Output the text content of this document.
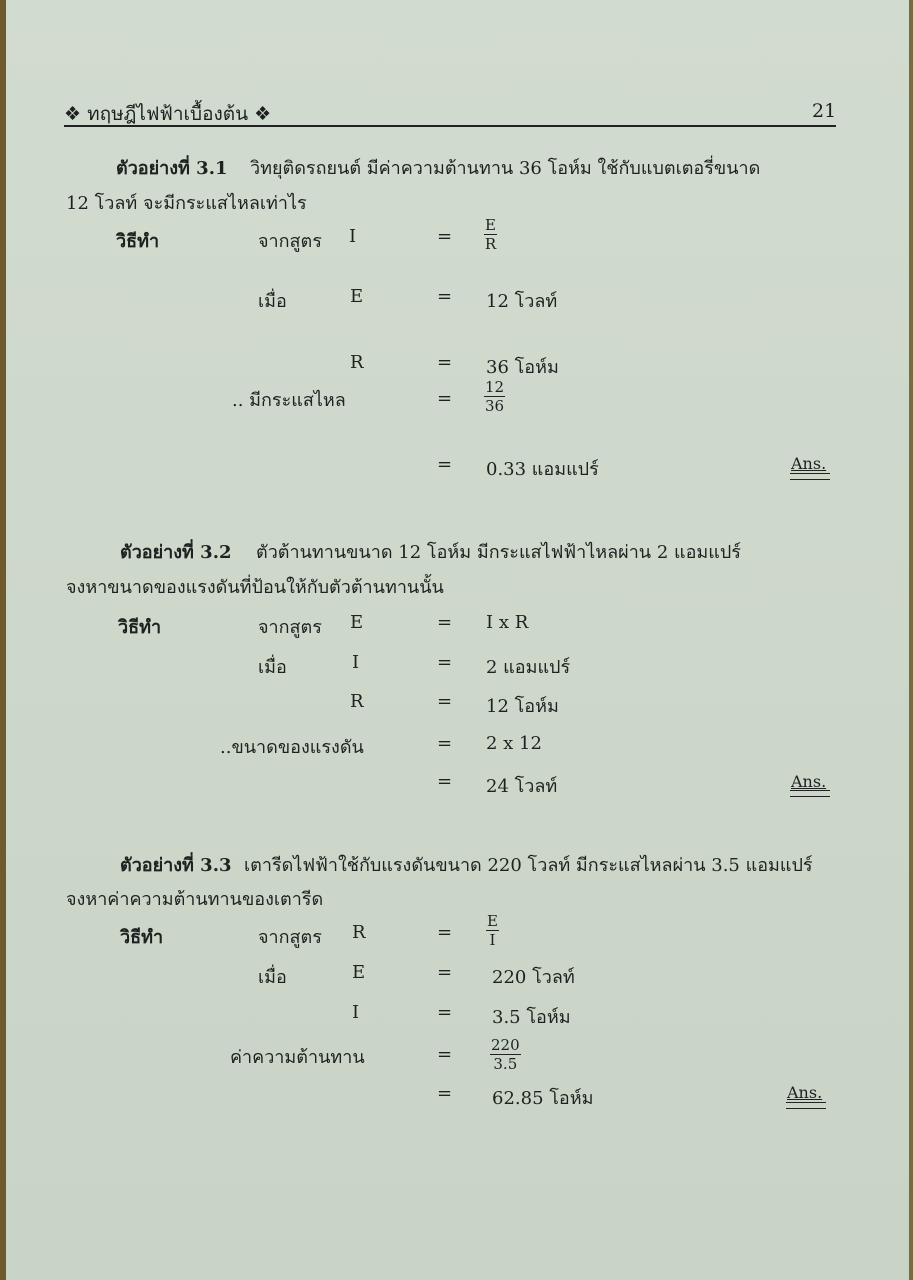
❖ ทฤษฎีไฟฟ้าเบื้องต้น ❖	21
ตัวอย่างที่ 3.1 วิทยุติดรถยนต์ มีค่าความต้านทาน 36 โอห์ม ใช้กับแบตเตอรี่ขนาด
12 โวลท์ จะมีกระแสไหลเท่าไร
วิธีทำ	จากสูตร I	= $\frac{E}{R}$
เมื่อ	E	= 12 โวลท์
R	= 36 โอห์ม
.. มีกระแสไหล	= $\frac{12}{36}$
= 0.33 แอมแปร์	Ans.
ตัวอย่างที่ 3.2 ตัวต้านทานขนาด 12 โอห์ม มีกระแสไฟฟ้าไหลผ่าน 2 แอมแปร์
จงหาขนาดของแรงดันที่ป้อนให้กับตัวต้านทานนั้น
วิธีทำ	จากสูตร E	= I x R
เมื่อ	I	= 2 แอมแปร์
R	= 12 โอห์ม
..ขนาดของแรงดัน	= 2 x 12
= 24 โวลท์	Ans.
ตัวอย่างที่ 3.3 เตารีดไฟฟ้าใช้กับแรงดันขนาด 220 โวลท์ มีกระแสไหลผ่าน 3.5 แอมแปร์
จงหาค่าความต้านทานของเตารีด
วิธีทำ	จากสูตร R	= $\frac{E}{I}$
เมื่อ	E	= 220 โวลท์
I	= 3.5 โอห์ม
ค่าความต้านทาน	=	$\frac{220}{3.5}$
= 62.85 โอห์ม	Ans.
